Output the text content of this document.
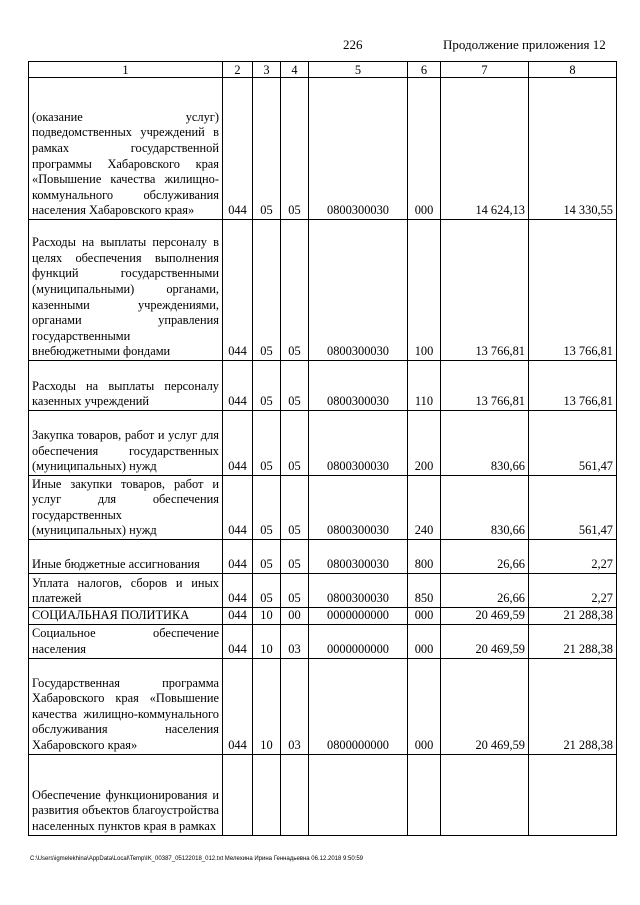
226	Продолжение приложения 12
1	2	3	4	5	6	7	8
(оказание услуг) подведомственных учреждений в рамках государственной программы Хабаровского края «Повышение качества жилищно-коммунального обслуживания населения Хабаровского края»	044	05	05	0800300030	000	14 624,13	14 330,55
Расходы на выплаты персоналу в целях обеспечения выполнения функций государственными (муниципальными) органами, казенными учреждениями, органами управления государственными внебюджетными фондами	044	05	05	0800300030	100	13 766,81	13 766,81
Расходы на выплаты персоналу казенных учреждений	044	05	05	0800300030	110	13 766,81	13 766,81
Закупка товаров, работ и услуг для обеспечения государственных (муниципальных) нужд	044	05	05	0800300030	200	830,66	561,47
Иные закупки товаров, работ и услуг для обеспечения государственных (муниципальных) нужд	044	05	05	0800300030	240	830,66	561,47
Иные бюджетные ассигнования	044	05	05	0800300030	800	26,66	2,27
Уплата налогов, сборов и иных платежей	044	05	05	0800300030	850	26,66	2,27
СОЦИАЛЬНАЯ ПОЛИТИКА	044	10	00	0000000000	000	20 469,59	21 288,38
Социальное обеспечение населения	044	10	03	0000000000	000	20 469,59	21 288,38
Государственная программа Хабаровского края «Повышение качества жилищно-коммунального обслуживания населения Хабаровского края»	044	10	03	0800000000	000	20 469,59	21 288,38
Обеспечение функционирования и развития объектов благоустройства населенных пунктов края в рамках							
C:\Users\igmelekhina\AppData\Local\Temp\IK_00387_05122018_012.txt Мелехина Ирина Геннадьевна 06.12.2018 9:50:59
